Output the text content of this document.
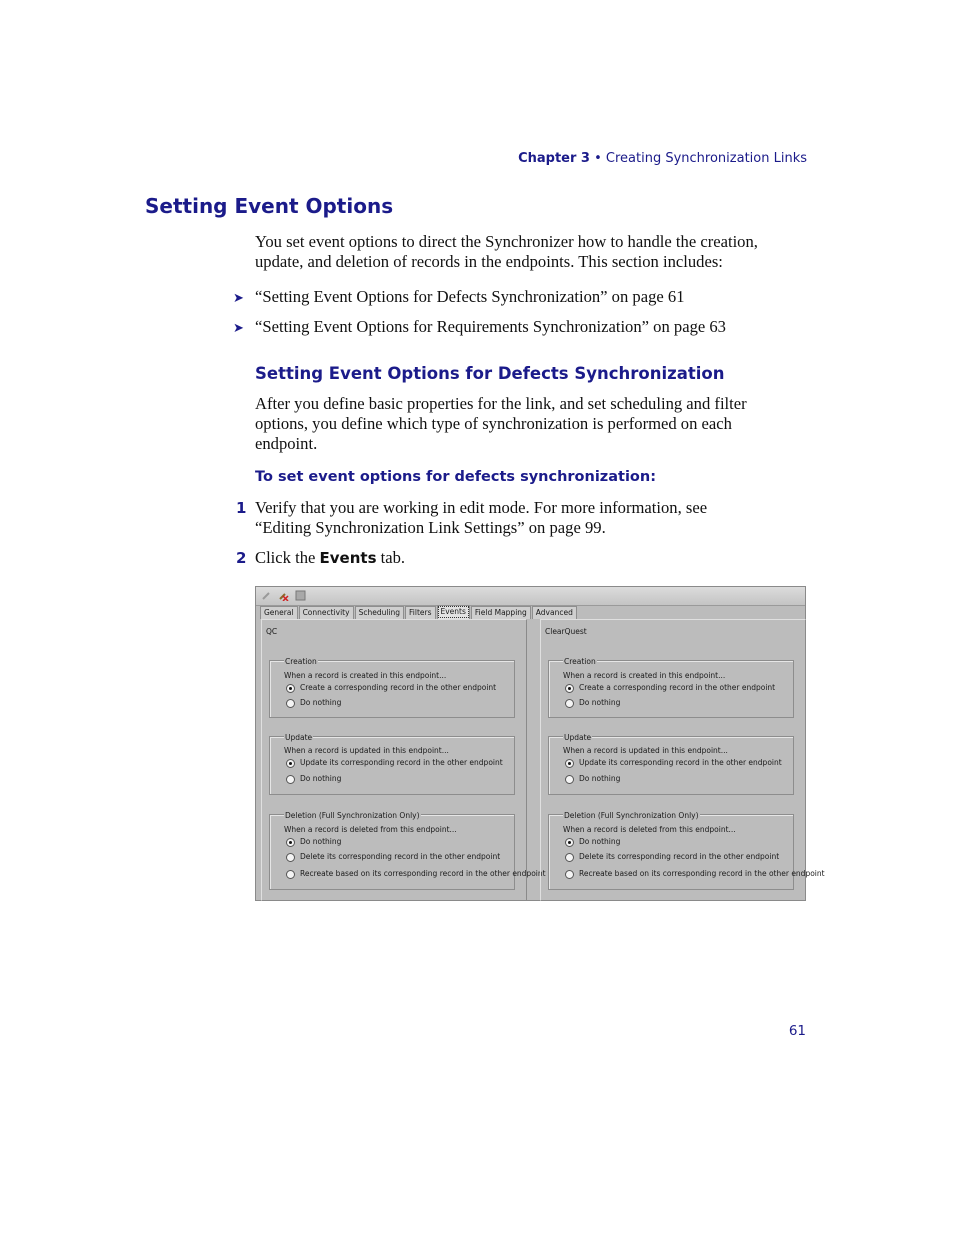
Chapter 3 • Creating Synchronization Links
Setting Event Options
You set event options to direct the Synchronizer how to handle the creation,
update, and deletion of records in the endpoints. This section includes:
➤ “Setting Event Options for Defects Synchronization” on page 61
➤ “Setting Event Options for Requirements Synchronization” on page 63
Setting Event Options for Defects Synchronization
After you define basic properties for the link, and set scheduling and filter
options, you define which type of synchronization is performed on each
endpoint.
To set event options for defects synchronization:
1 Verify that you are working in edit mode. For more information, see
“Editing Synchronization Link Settings” on page 99.
2 Click the Events tab.
General	Connectivity	Scheduling	Filters	Events	Field Mapping	Advanced
QC
Creation
When a record is created in this endpoint...
Create a corresponding record in the other endpoint
Do nothing
Update
When a record is updated in this endpoint...
Update its corresponding record in the other endpoint
Do nothing
Deletion (Full Synchronization Only)
When a record is deleted from this endpoint...
Do nothing
Delete its corresponding record in the other endpoint
Recreate based on its corresponding record in the other endpoint
ClearQuest
Creation
When a record is created in this endpoint...
Create a corresponding record in the other endpoint
Do nothing
Update
When a record is updated in this endpoint...
Update its corresponding record in the other endpoint
Do nothing
Deletion (Full Synchronization Only)
When a record is deleted from this endpoint...
Do nothing
Delete its corresponding record in the other endpoint
Recreate based on its corresponding record in the other endpoint
61
